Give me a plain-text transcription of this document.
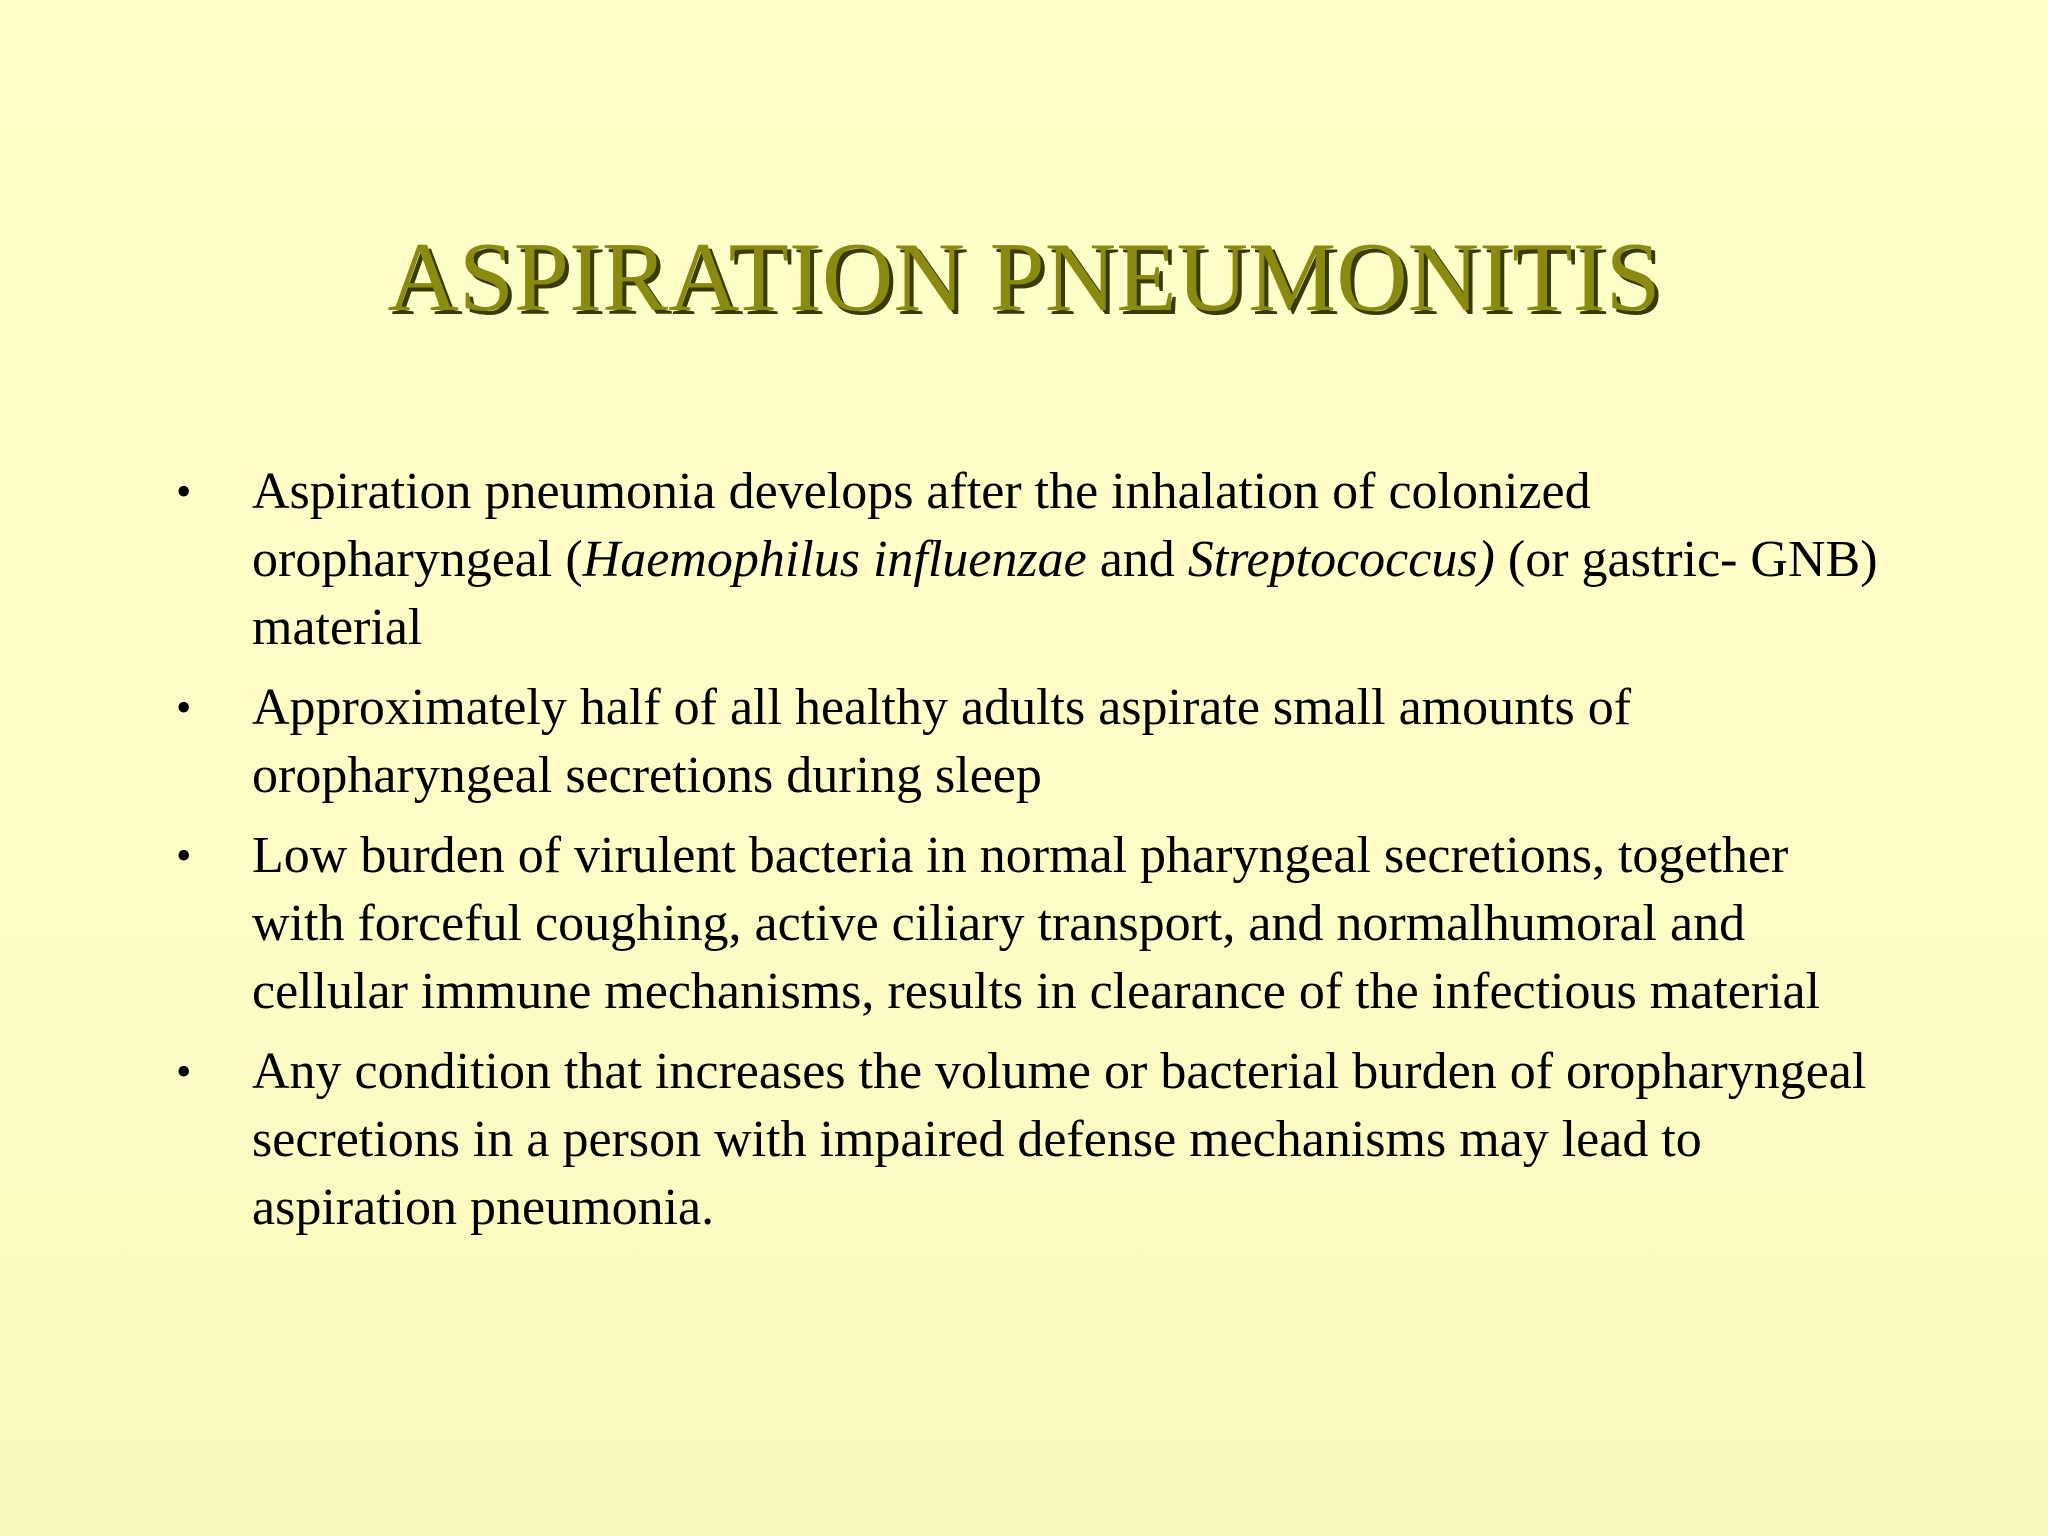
ASPIRATION PNEUMONITIS
• Aspiration pneumonia develops after the inhalation of colonized oropharyngeal (Haemophilus influenzae and Streptococcus) (or gastric- GNB) material
• Approximately half of all healthy adults aspirate small amounts of oropharyngeal secretions during sleep
• Low burden of virulent bacteria in normal pharyngeal secretions, together with forceful coughing, active ciliary transport, and normalhumoral and cellular immune mechanisms, results in clearance of the infectious material
• Any condition that increases the volume or bacterial burden of oropharyngeal secretions in a person with impaired defense mechanisms may lead to aspiration pneumonia.
